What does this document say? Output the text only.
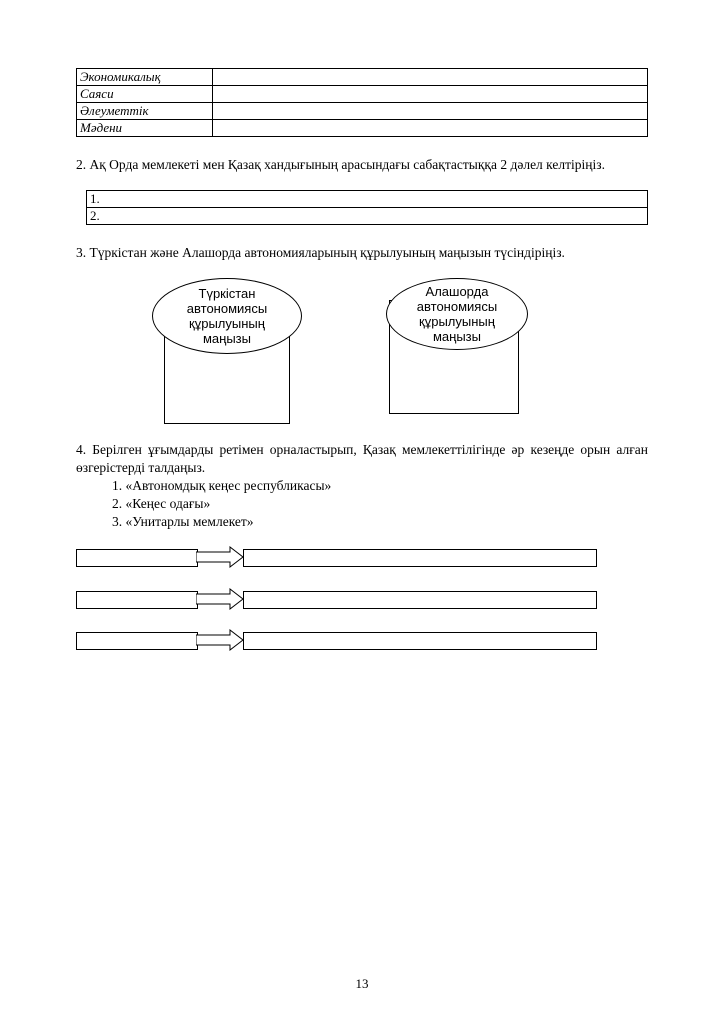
Экономикалық	
Саяси	
Әлеуметтік	
Мәдени	
2. Ақ Орда мемлекеті мен Қазақ хандығының арасындағы сабақтастыққа 2 дәлел келтіріңіз.
1.
2.
3. Түркістан және Алашорда автономияларының құрылуының маңызын түсіндіріңіз.
Түркістан
автономиясы
құрылуының
маңызы
Алашорда
автономиясы
құрылуының
маңызы
4. Берілген ұғымдарды ретімен орналастырып, Қазақ мемлекеттілігінде әр кезеңде орын алған өзгерістерді талдаңыз.
1. «Автономдық кеңес республикасы»
2. «Кеңес одағы»
3. «Унитарлы мемлекет»
13
